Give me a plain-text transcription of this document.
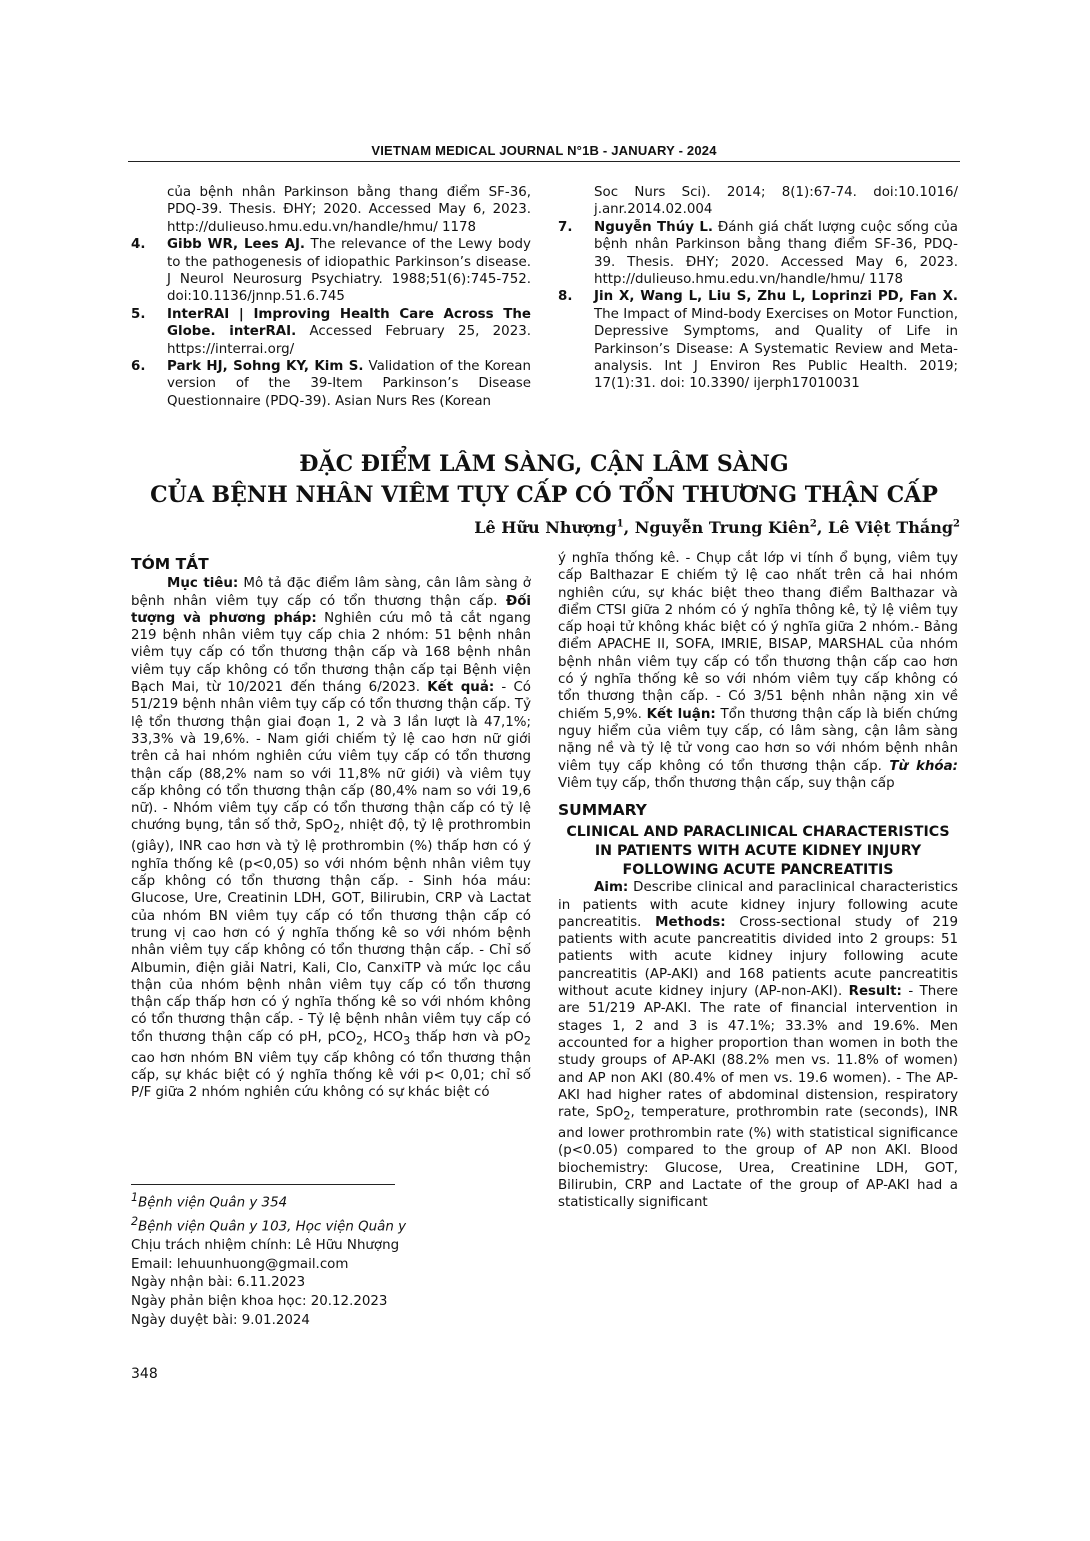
VIETNAM MEDICAL JOURNAL N°1B - JANUARY - 2024
của bệnh nhân Parkinson bằng thang điểm SF-36, PDQ-39. Thesis. ĐHY; 2020. Accessed May 6, 2023. http://dulieuso.hmu.edu.vn/handle/hmu/ 1178
4.	Gibb WR, Lees AJ. The relevance of the Lewy body to the pathogenesis of idiopathic Parkinson’s disease. J Neurol Neurosurg Psychiatry. 1988;51(6):745-752. doi:10.1136/jnnp.51.6.745
5.	InterRAI | Improving Health Care Across The Globe. interRAI. Accessed February 25, 2023. https://interrai.org/
6.	Park HJ, Sohng KY, Kim S. Validation of the Korean version of the 39-Item Parkinson’s Disease Questionnaire (PDQ-39). Asian Nurs Res (Korean
Soc Nurs Sci). 2014; 8(1):67-74. doi:10.1016/ j.anr.2014.02.004
7.	Nguyễn Thúy L. Đánh giá chất lượng cuộc sống của bệnh nhân Parkinson bằng thang điểm SF-36, PDQ-39. Thesis. ĐHY; 2020. Accessed May 6, 2023. http://dulieuso.hmu.edu.vn/handle/hmu/ 1178
8.	Jin X, Wang L, Liu S, Zhu L, Loprinzi PD, Fan X. The Impact of Mind-body Exercises on Motor Function, Depressive Symptoms, and Quality of Life in Parkinson’s Disease: A Systematic Review and Meta-analysis. Int J Environ Res Public Health. 2019; 17(1):31. doi: 10.3390/ ijerph17010031
ĐẶC ĐIỂM LÂM SÀNG, CẬN LÂM SÀNG
CỦA BỆNH NHÂN VIÊM TỤY CẤP CÓ TỔN THƯƠNG THẬN CẤP
Lê Hữu Nhượng$^1$, Nguyễn Trung Kiên$^2$, Lê Việt Thắng$^2$
TÓM TẮT

Mục tiêu: Mô tả đặc điểm lâm sàng, cân lâm sàng ở bệnh nhân viêm tụy cấp có tổn thương thận cấp. Đối tượng và phương pháp: Nghiên cứu mô tả cắt ngang 219 bệnh nhân viêm tụy cấp chia 2 nhóm: 51 bệnh nhân viêm tụy cấp có tổn thương thận cấp và 168 bệnh nhân viêm tụy cấp không có tổn thương thận cấp tại Bệnh viện Bạch Mai, từ 10/2021 đến tháng 6/2023. Kết quả: - Có 51/219 bệnh nhân viêm tụy cấp có tổn thương thận cấp. Tỷ lệ tổn thương thận giai đoạn 1, 2 và 3 lần lượt là 47,1%; 33,3% và 19,6%. - Nam giới chiếm tỷ lệ cao hơn nữ giới trên cả hai nhóm nghiên cứu viêm tụy cấp có tổn thương thận cấp (88,2% nam so với 11,8% nữ giới) và viêm tụy cấp không có tổn thương thận cấp (80,4% nam so với 19,6 nữ). - Nhóm viêm tụy cấp có tổn thương thận cấp có tỷ lệ chướng bụng, tần số thở, SpO$_2$, nhiệt độ, tỷ lệ prothrombin (giây), INR cao hơn và tỷ lệ prothrombin (%) thấp hơn có ý nghĩa thống kê (p<0,05) so với nhóm bệnh nhân viêm tụy cấp không có tổn thương thận cấp. - Sinh hóa máu: Glucose, Ure, Creatinin LDH, GOT, Bilirubin, CRP và Lactat của nhóm BN viêm tụy cấp có tổn thương thận cấp có trung vị cao hơn có ý nghĩa thống kê so với nhóm bệnh nhân viêm tụy cấp không có tổn thương thận cấp. - Chỉ số Albumin, điện giải Natri, Kali, Clo, CanxiTP và mức lọc cầu thận của nhóm bệnh nhân viêm tụy cấp có tổn thương thận cấp thấp hơn có ý nghĩa thống kê so với nhóm không có tổn thương thận cấp. - Tỷ lệ bệnh nhân viêm tụy cấp có tổn thương thận cấp có pH, pCO$_2$, $HCO_3$ thấp hơn và $pO_2$ cao hơn nhóm BN viêm tụy cấp không có tổn thương thận cấp, sự khác biệt có ý nghĩa thống kê với p< 0,01; chỉ số P/F giữa 2 nhóm nghiên cứu không có sự khác biệt có

ý nghĩa thống kê. - Chụp cắt lớp vi tính ổ bụng, viêm tụy cấp Balthazar E chiếm tỷ lệ cao nhất trên cả hai nhóm nghiên cứu, sự khác biệt theo thang điểm Balthazar và điểm CTSI giữa 2 nhóm có ý nghĩa thông kê, tỷ lệ viêm tụy cấp hoại tử không khác biệt có ý nghĩa giữa 2 nhóm.- Bảng điểm APACHE II, SOFA, IMRIE, BISAP, MARSHAL của nhóm bệnh nhân viêm tụy cấp có tổn thương thận cấp cao hơn có ý nghĩa thống kê so với nhóm viêm tụy cấp không có tổn thương thận cấp. - Có 3/51 bệnh nhân nặng xin về chiếm 5,9%. Kết luận: Tổn thương thận cấp là biến chứng nguy hiểm của viêm tụy cấp, có lâm sàng, cận lâm sàng nặng nề và tỷ lệ tử vong cao hơn so với nhóm bệnh nhân viêm tụy cấp không có tổn thương thận cấp. Từ khóa: Viêm tụy cấp, thổn thương thận cấp, suy thận cấp

SUMMARY
CLINICAL AND PARACLINICAL CHARACTERISTICS IN PATIENTS WITH ACUTE KIDNEY INJURY FOLLOWING ACUTE PANCREATITIS

Aim: Describe clinical and paraclinical characteristics in patients with acute kidney injury following acute pancreatitis. Methods: Cross-sectional study of 219 patients with acute pancreatitis divided into 2 groups: 51 patients with acute kidney injury following acute pancreatitis (AP-AKI) and 168 patients acute pancreatitis without acute kidney injury (AP-non-AKI). Result: - There are 51/219 AP-AKI. The rate of financial intervention in stages 1, 2 and 3 is 47.1%; 33.3% and 19.6%. Men accounted for a higher proportion than women in both the study groups of AP-AKI (88.2% men vs. 11.8% of women) and AP non AKI (80.4% of men vs. 19.6 women). - The AP-AKI had higher rates of abdominal distension, respiratory rate, SpO$_2$, temperature, prothrombin rate (seconds), INR and lower prothrombin rate (%) with statistical significance (p<0.05) compared to the group of AP non AKI. Blood biochemistry: Glucose, Urea, Creatinine LDH, GOT, Bilirubin, CRP and Lactate of the group of AP-AKI had a statistically significant

$^1$Bệnh viện Quân y 354
$^2$Bệnh viện Quân y 103, Học viện Quân y
Chịu trách nhiệm chính: Lê Hữu Nhượng
Email: lehuunhuong@gmail.com
Ngày nhận bài: 6.11.2023
Ngày phản biện khoa học: 20.12.2023
Ngày duyệt bài: 9.01.2024
348
